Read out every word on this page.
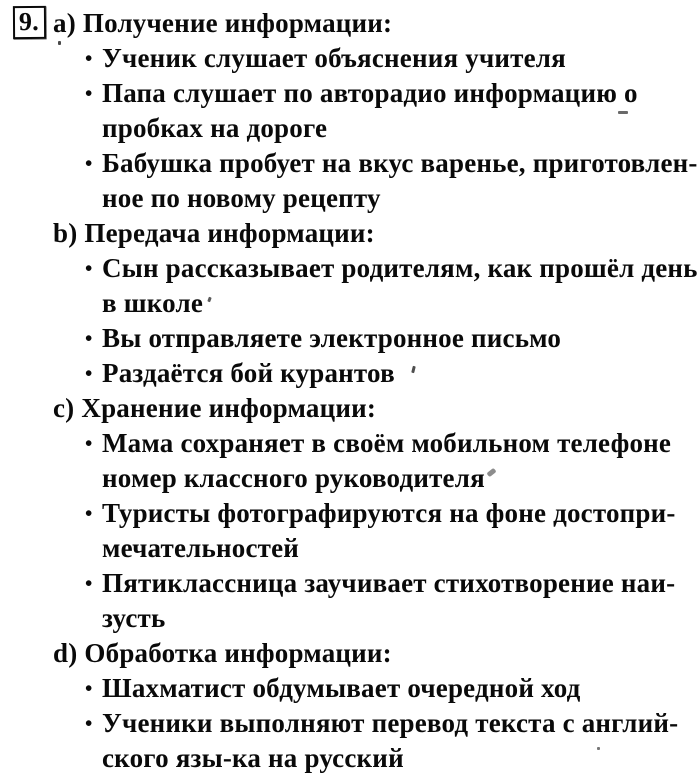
9. a) Получение информации:
• Ученик слушает объяснения учителя
• Папа слушает по авторадио информацию о
пробках на дороге
• Бабушка пробует на вкус варенье, приготовлен-
ное по новому рецепту
b) Передача информации:
• Сын рассказывает родителям, как прошёл день
в школе
• Вы отправляете электронное письмо
• Раздаётся бой курантов
c) Хранение информации:
• Мама сохраняет в своём мобильном телефоне
номер классного руководителя
• Туристы фотографируются на фоне достопри-
мечательностей
• Пятиклассница заучивает стихотворение наи-
зусть
d) Обработка информации:
• Шахматист обдумывает очередной ход
• Ученики выполняют перевод текста с англий-
ского язы-ка на русский
